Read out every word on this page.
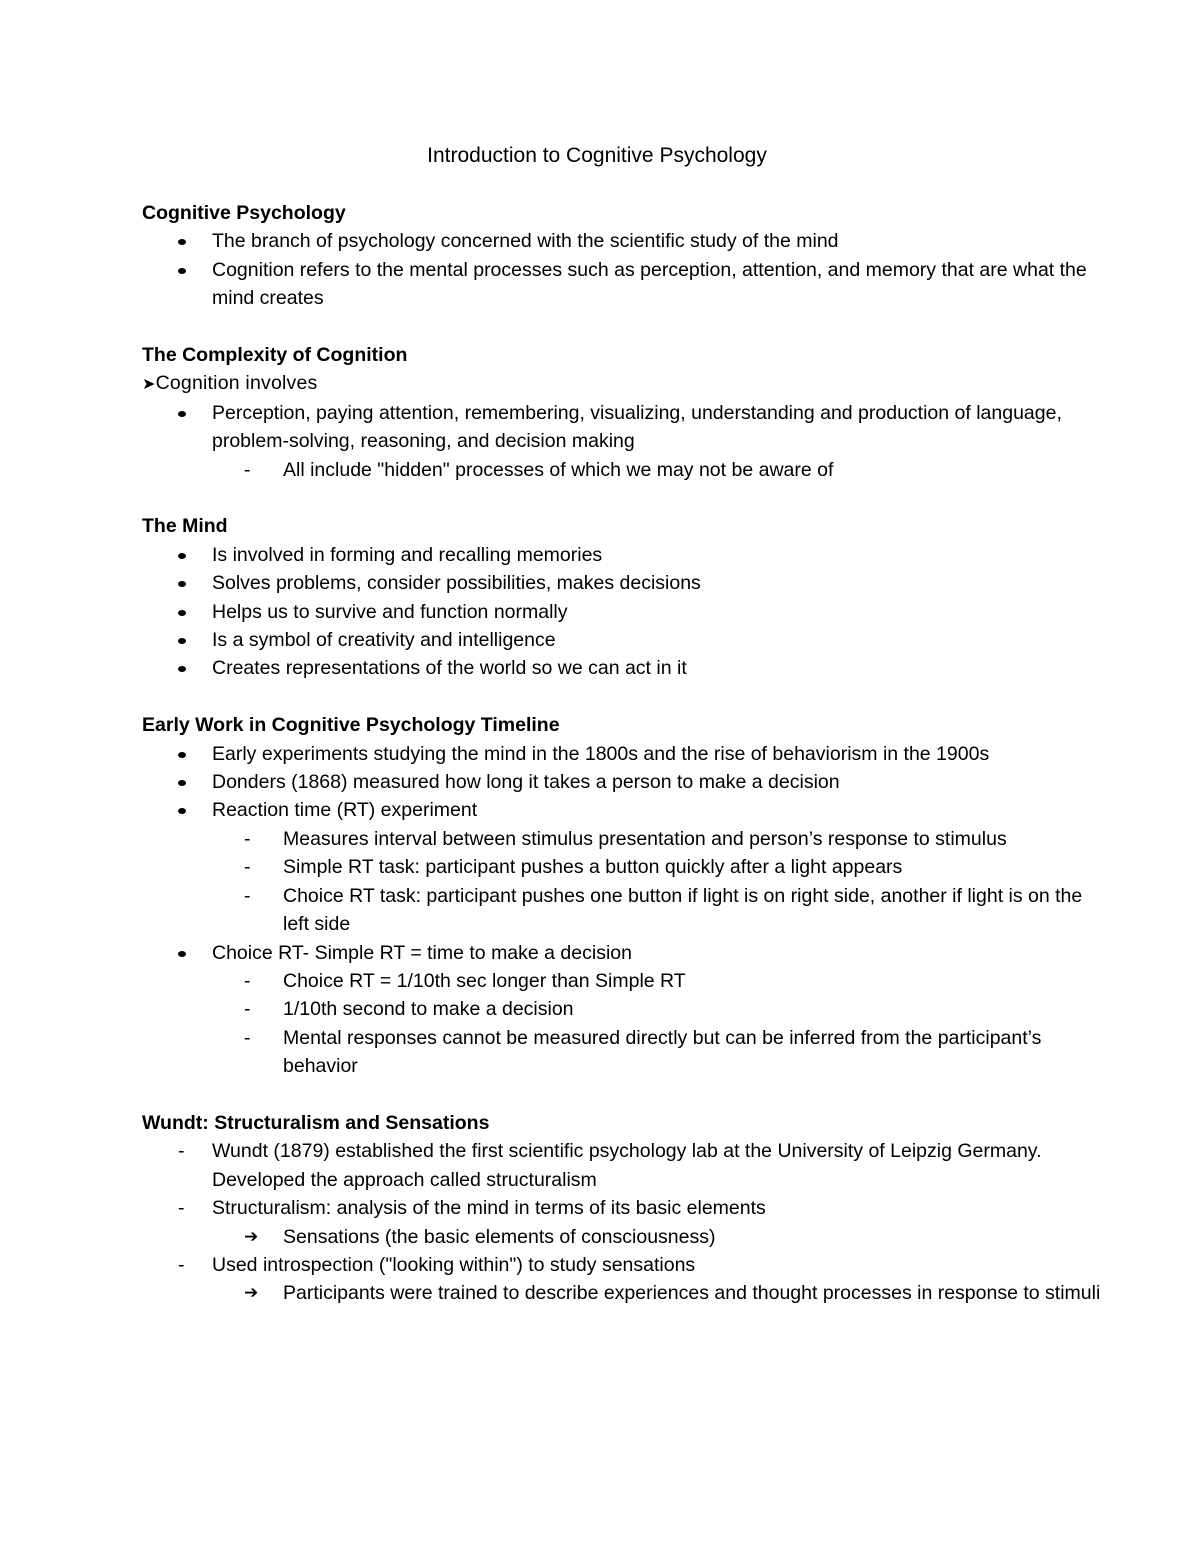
Introduction to Cognitive Psychology
Cognitive Psychology
The branch of psychology concerned with the scientific study of the mind
Cognition refers to the mental processes such as perception, attention, and memory that are what the mind creates
The Complexity of Cognition
➤Cognition involves
Perception, paying attention, remembering, visualizing, understanding and production of language, problem-solving, reasoning, and decision making
- All include "hidden" processes of which we may not be aware of
The Mind
Is involved in forming and recalling memories
Solves problems, consider possibilities, makes decisions
Helps us to survive and function normally
Is a symbol of creativity and intelligence
Creates representations of the world so we can act in it
Early Work in Cognitive Psychology Timeline
Early experiments studying the mind in the 1800s and the rise of behaviorism in the 1900s
Donders (1868) measured how long it takes a person to make a decision
Reaction time (RT) experiment
- Measures interval between stimulus presentation and person’s response to stimulus
- Simple RT task: participant pushes a button quickly after a light appears
- Choice RT task: participant pushes one button if light is on right side, another if light is on the left side
Choice RT- Simple RT = time to make a decision
- Choice RT = 1/10th sec longer than Simple RT
- 1/10th second to make a decision
- Mental responses cannot be measured directly but can be inferred from the participant’s behavior
Wundt: Structuralism and Sensations
- Wundt (1879) established the first scientific psychology lab at the University of Leipzig Germany. Developed the approach called structuralism
- Structuralism: analysis of the mind in terms of its basic elements
➔ Sensations (the basic elements of consciousness)
- Used introspection ("looking within") to study sensations
➔ Participants were trained to describe experiences and thought processes in response to stimuli
